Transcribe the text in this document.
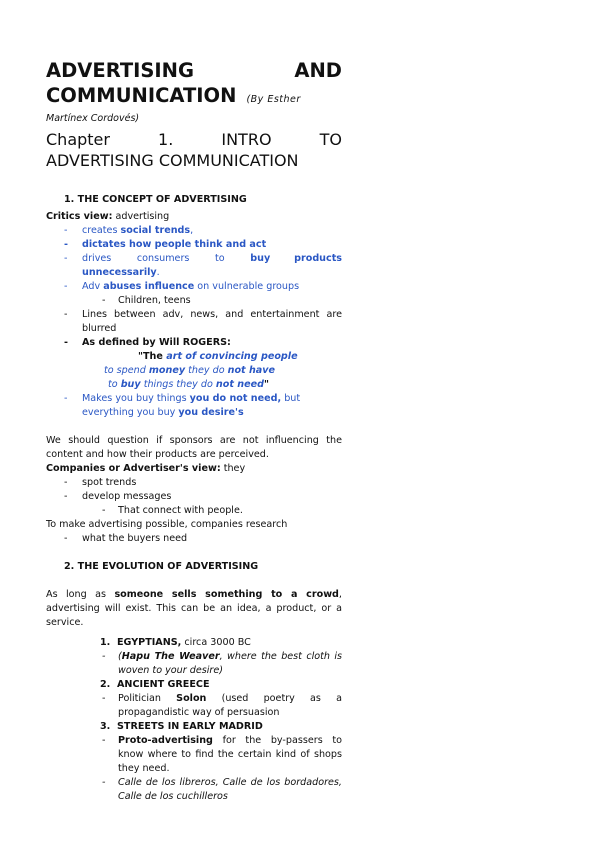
ADVERTISING	AND
COMMUNICATION (By Esther
Martínex Cordovés)
Chapter	1.	INTRO	TO
ADVERTISING COMMUNICATION
1. THE CONCEPT OF ADVERTISING
Critics view: advertising
- creates social trends,
- dictates how people think and act
- drives consumers to buy products unnecessarily.
- Adv abuses influence on vulnerable groups
- Children, teens
- Lines between adv, news, and entertainment are blurred
- As defined by Will ROGERS:
"The art of convincing people
to spend money they do not have
to buy things they do not need"
- Makes you buy things you do not need, but everything you buy you desire's
We should question if sponsors are not influencing the content and how their products are perceived.
Companies or Advertiser's view: they
- spot trends
- develop messages
- That connect with people.
To make advertising possible, companies research
- what the buyers need
2. THE EVOLUTION OF ADVERTISING
As long as someone sells something to a crowd, advertising will exist. This can be an idea, a product, or a service.
1. EGYPTIANS, circa 3000 BC
- (Hapu The Weaver, where the best cloth is woven to your desire)
2. ANCIENT GREECE
- Politician Solon (used poetry as a propagandistic way of persuasion
3. STREETS IN EARLY MADRID
- Proto-advertising for the by-passers to know where to find the certain kind of shops they need.
- Calle de los libreros, Calle de los bordadores, Calle de los cuchilleros
